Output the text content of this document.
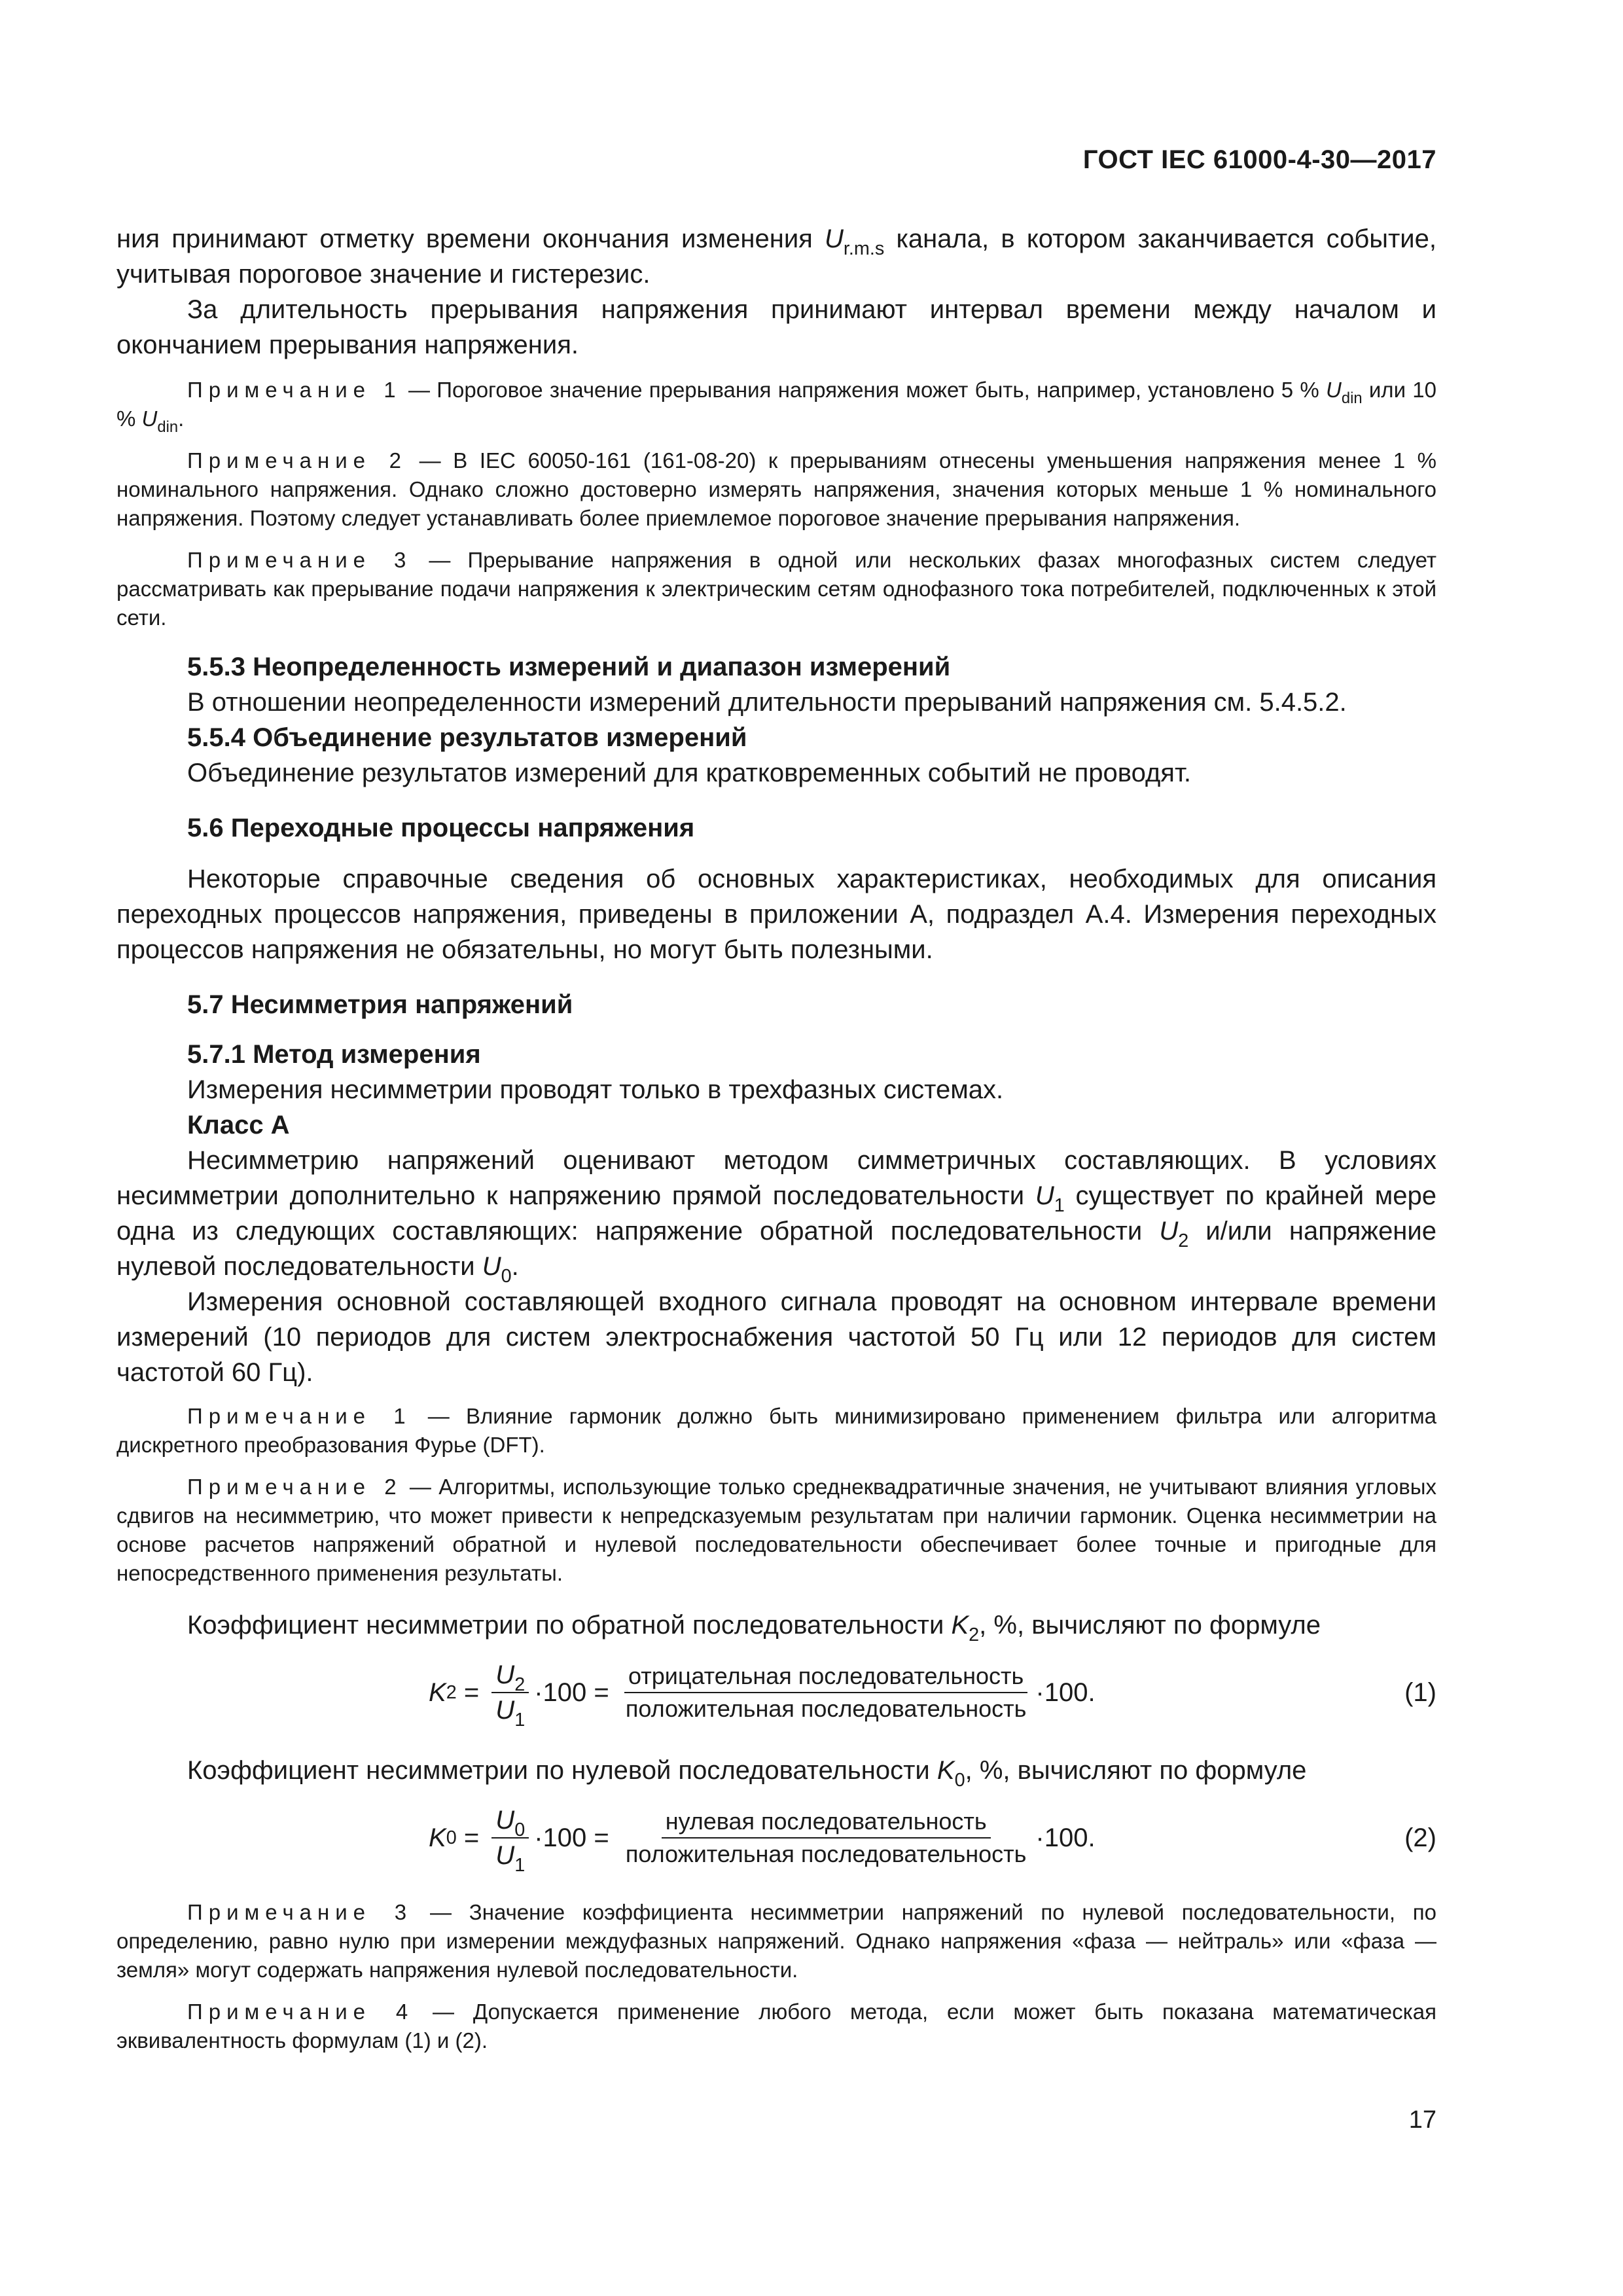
ГОСТ IEC 61000-4-30—2017

ния принимают отметку времени окончания изменения $U_{r.m.s}$ канала, в котором заканчивается событие, учитывая пороговое значение и гистерезис.

За длительность прерывания напряжения принимают интервал времени между началом и окончанием прерывания напряжения.

Примечание 1 — Пороговое значение прерывания напряжения может быть, например, установлено 5 % $U_{din}$ или 10 % $U_{din}$.

Примечание 2 — В IEC 60050-161 (161-08-20) к прерываниям отнесены уменьшения напряжения менее 1 % номинального напряжения. Однако сложно достоверно измерять напряжения, значения которых меньше 1 % номинального напряжения. Поэтому следует устанавливать более приемлемое пороговое значение прерывания напряжения.

Примечание 3 — Прерывание напряжения в одной или нескольких фазах многофазных систем следует рассматривать как прерывание подачи напряжения к электрическим сетям однофазного тока потребителей, подключенных к этой сети.

5.5.3 Неопределенность измерений и диапазон измерений

В отношении неопределенности измерений длительности прерываний напряжения см. 5.4.5.2.

5.5.4 Объединение результатов измерений

Объединение результатов измерений для кратковременных событий не проводят.

5.6 Переходные процессы напряжения

Некоторые справочные сведения об основных характеристиках, необходимых для описания переходных процессов напряжения, приведены в приложении А, подраздел А.4. Измерения переходных процессов напряжения не обязательны, но могут быть полезными.

5.7 Несимметрия напряжений
5.7.1 Метод измерения

Измерения несимметрии проводят только в трехфазных системах.

Класс А

Несимметрию напряжений оценивают методом симметричных составляющих. В условиях несимметрии дополнительно к напряжению прямой последовательности $U_1$ существует по крайней мере одна из следующих составляющих: напряжение обратной последовательности $U_2$ и/или напряжение нулевой последовательности $U_0$.

Измерения основной составляющей входного сигнала проводят на основном интервале времени измерений (10 периодов для систем электроснабжения частотой 50 Гц или 12 периодов для систем частотой 60 Гц).

Примечание 1 — Влияние гармоник должно быть минимизировано применением фильтра или алгоритма дискретного преобразования Фурье (DFT).

Примечание 2 — Алгоритмы, использующие только среднеквадратичные значения, не учитывают влияния угловых сдвигов на несимметрию, что может привести к непредсказуемым результатам при наличии гармоник. Оценка несимметрии на основе расчетов напряжений обратной и нулевой последовательности обеспечивает более точные и пригодные для непосредственного применения результаты.

Коэффициент несимметрии по обратной последовательности $K_2$, %, вычисляют по формуле

K $2 = \frac{U_2}{U_1} \cdot 100 = \frac{\text{отрицательная последовательность}}{\text{положительная последовательность}} \cdot 100$.	(1)

Коэффициент несимметрии по нулевой последовательности $K_0$, %, вычисляют по формуле

K $0 = \frac{U_0}{U_1} \cdot 100 = \frac{\text{нулевая последовательность}}{\text{положительная последовательность}} \cdot 100$.	(2)

Примечание 3 — Значение коэффициента несимметрии напряжений по нулевой последовательности, по определению, равно нулю при измерении междуфазных напряжений. Однако напряжения «фаза — нейтраль» или «фаза — земля» могут содержать напряжения нулевой последовательности.

Примечание 4 — Допускается применение любого метода, если может быть показана математическая эквивалентность формулам (1) и (2).

17
